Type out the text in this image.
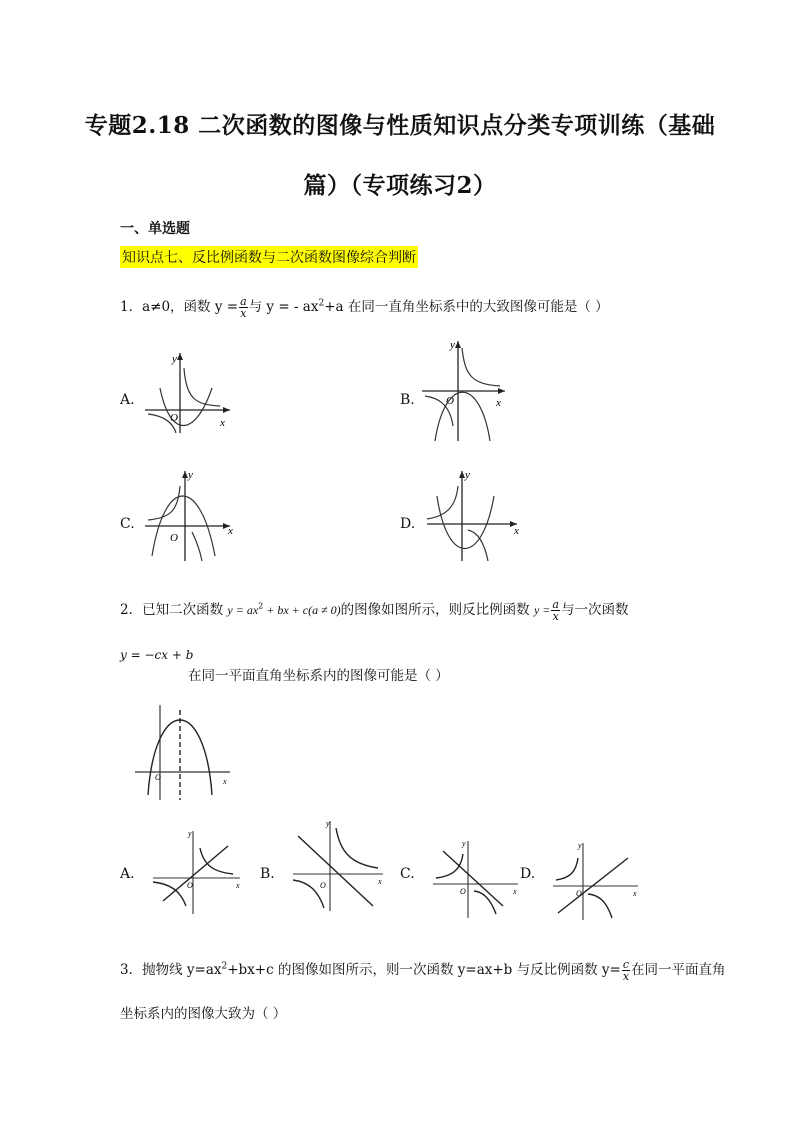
专题2.18 二次函数的图像与性质知识点分类专项训练（基础
篇）（专项练习2）
一、单选题
知识点七、反比例函数与二次函数图像综合判断
1．a≠0，函数 $y = \frac{a}{x}$ 与 y = - $ax^2+a$ 在同一直角坐标系中的大致图像可能是（ ）
A.	B.
C.	D.
y
x
O
y
x
O
y
x
O
y
x
2．已知二次函数 $y = ax^2$ + bx + c(a ≠ 0)的图像如图所示，则反比例函数 $y = \frac{a}{x}$ 与一次函数
y = −cx + b
在同一平面直角坐标系内的图像可能是（ ）
O	x
A.	B.	C.	D.
O	x
y
O	x
y
O	x
y
O	x
y
3．抛物线 $y=ax^2+bx+c$ 的图像如图所示，则一次函数 y=ax+b 与反比例函数 $y= \frac{c}{x}$ 在同一平面直角
坐标系内的图像大致为（ ）
